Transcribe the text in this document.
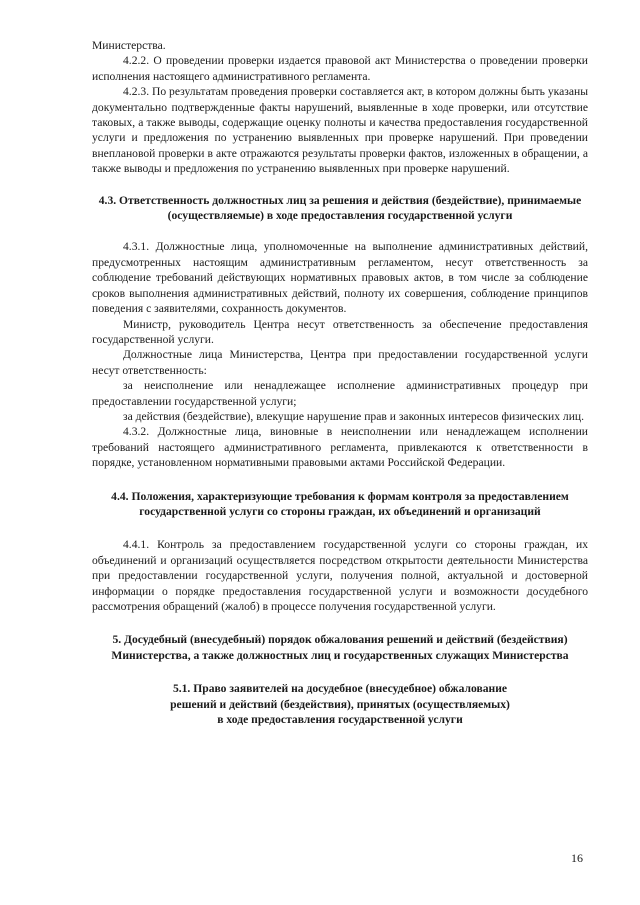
Министерства.

4.2.2. О проведении проверки издается правовой акт Министерства о проведении проверки исполнения настоящего административного регламента.

4.2.3. По результатам проведения проверки составляется акт, в котором должны быть указаны документально подтвержденные факты нарушений, выявленные в ходе проверки, или отсутствие таковых, а также выводы, содержащие оценку полноты и качества предоставления государственной услуги и предложения по устранению выявленных при проверке нарушений. При проведении внеплановой проверки в акте отражаются результаты проверки фактов, изложенных в обращении, а также выводы и предложения по устранению выявленных при проверке нарушений.

4.3. Ответственность должностных лиц за решения и действия (бездействие), принимаемые (осуществляемые) в ходе предоставления государственной услуги

4.3.1. Должностные лица, уполномоченные на выполнение административных действий, предусмотренных настоящим административным регламентом, несут ответственность за соблюдение требований действующих нормативных правовых актов, в том числе за соблюдение сроков выполнения административных действий, полноту их совершения, соблюдение принципов поведения с заявителями, сохранность документов.

Министр, руководитель Центра несут ответственность за обеспечение предоставления государственной услуги.

Должностные лица Министерства, Центра при предоставлении государственной услуги несут ответственность:

за неисполнение или ненадлежащее исполнение административных процедур при предоставлении государственной услуги;

за действия (бездействие), влекущие нарушение прав и законных интересов физических лиц.

4.3.2. Должностные лица, виновные в неисполнении или ненадлежащем исполнении требований настоящего административного регламента, привлекаются к ответственности в порядке, установленном нормативными правовыми актами Российской Федерации.

4.4. Положения, характеризующие требования к формам контроля за предоставлением государственной услуги со стороны граждан, их объединений и организаций

4.4.1. Контроль за предоставлением государственной услуги со стороны граждан, их объединений и организаций осуществляется посредством открытости деятельности Министерства при предоставлении государственной услуги, получения полной, актуальной и достоверной информации о порядке предоставления государственной услуги и возможности досудебного рассмотрения обращений (жалоб) в процессе получения государственной услуги.

5. Досудебный (внесудебный) порядок обжалования решений и действий (бездействия) Министерства, а также должностных лиц и государственных служащих Министерства

5.1. Право заявителей на досудебное (внесудебное) обжалование
решений и действий (бездействия), принятых (осуществляемых)
в ходе предоставления государственной услуги

16
